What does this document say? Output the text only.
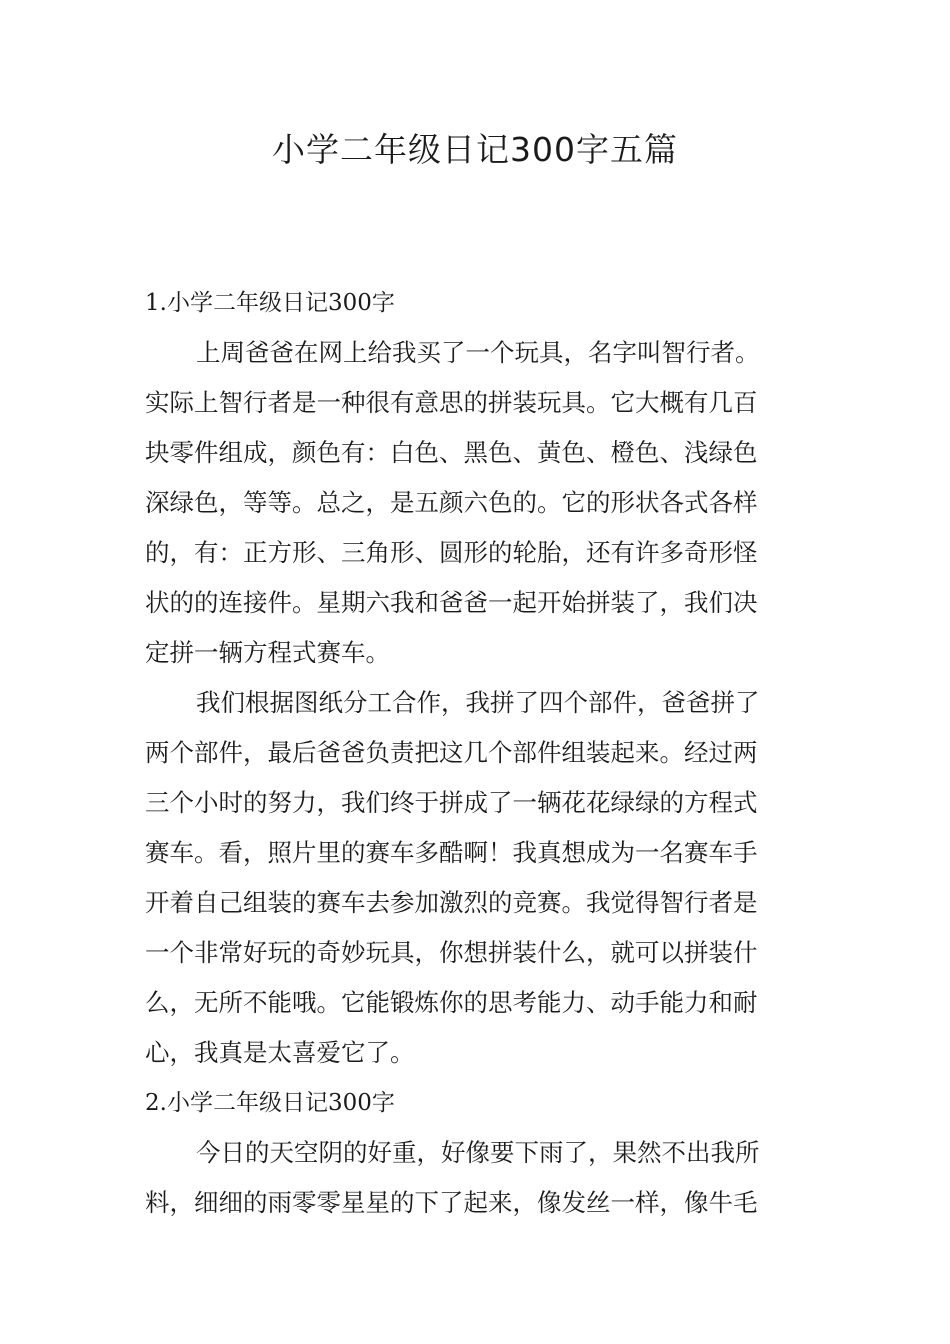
小学二年级日记300字五篇
1.小学二年级日记300字
上周爸爸在网上给我买了一个玩具，名字叫智行者。
实际上智行者是一种很有意思的拼装玩具。它大概有几百
块零件组成，颜色有：白色、黑色、黄色、橙色、浅绿色
深绿色，等等。总之，是五颜六色的。它的形状各式各样
的，有：正方形、三角形、圆形的轮胎，还有许多奇形怪
状的的连接件。星期六我和爸爸一起开始拼装了，我们决
定拼一辆方程式赛车。
我们根据图纸分工合作，我拼了四个部件，爸爸拼了
两个部件，最后爸爸负责把这几个部件组装起来。经过两
三个小时的努力，我们终于拼成了一辆花花绿绿的方程式
赛车。看，照片里的赛车多酷啊！我真想成为一名赛车手
开着自己组装的赛车去参加激烈的竞赛。我觉得智行者是
一个非常好玩的奇妙玩具，你想拼装什么，就可以拼装什
么，无所不能哦。它能锻炼你的思考能力、动手能力和耐
心，我真是太喜爱它了。
2.小学二年级日记300字
今日的天空阴的好重，好像要下雨了，果然不出我所
料，细细的雨零零星星的下了起来，像发丝一样，像牛毛
